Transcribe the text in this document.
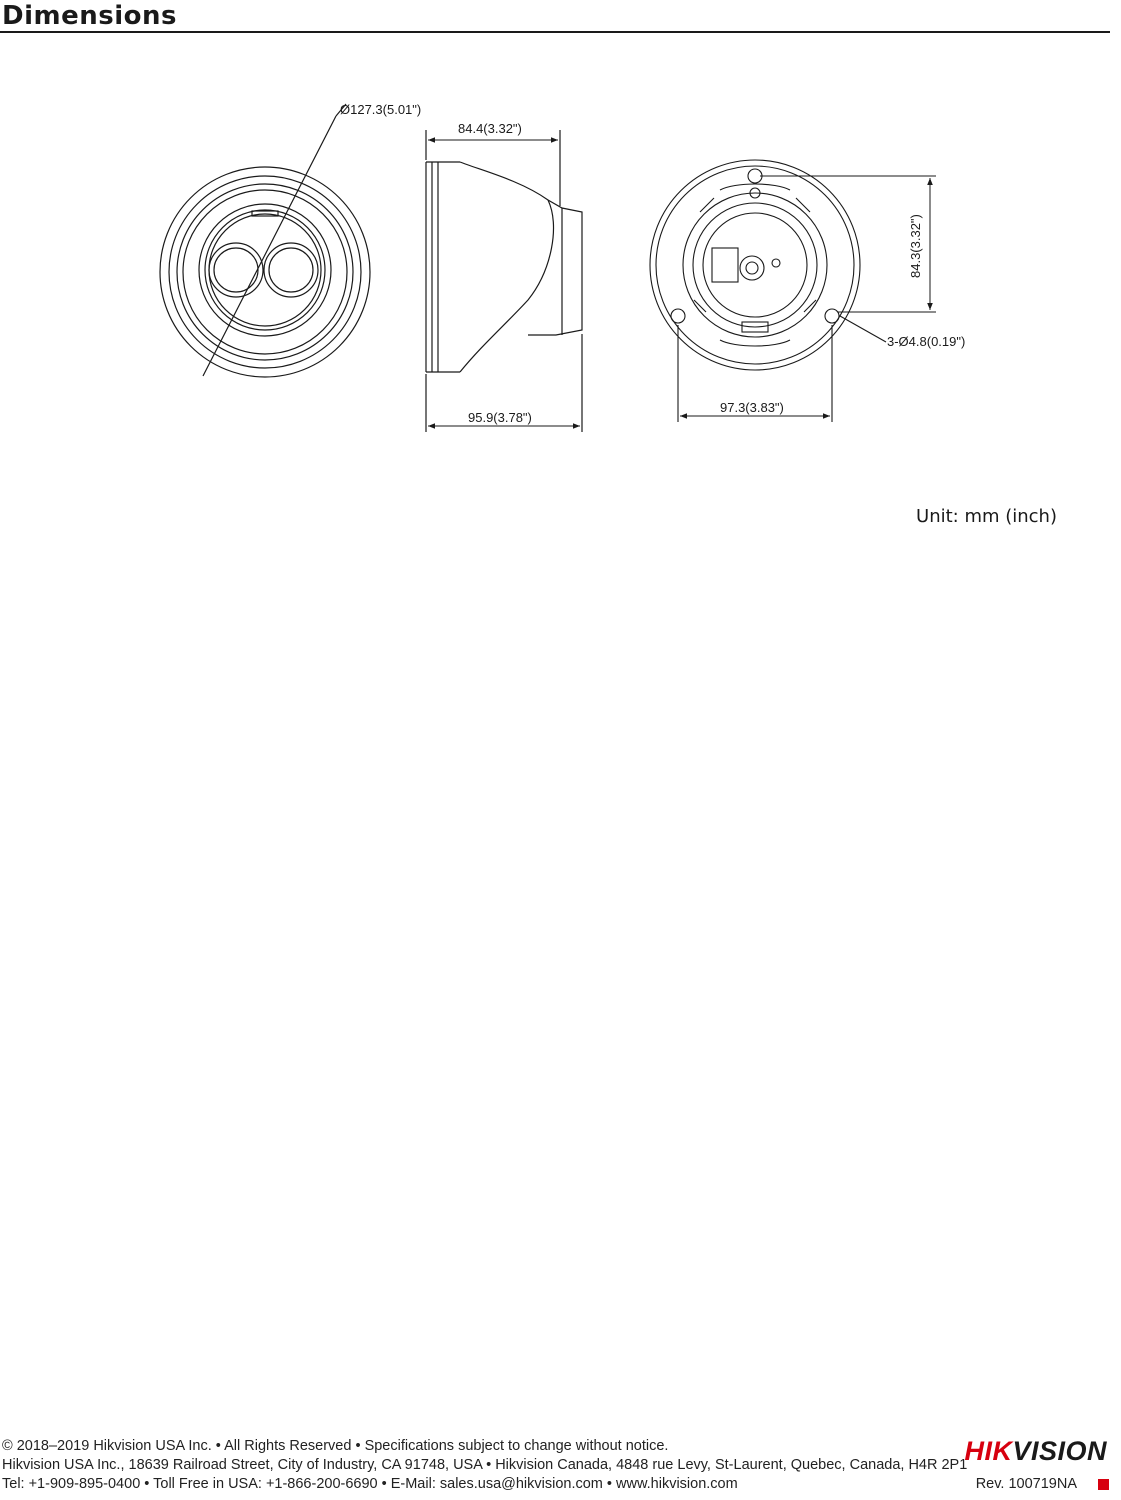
Dimensions
Ø127.3(5.01")
84.4(3.32")
95.9(3.78")
84.3(3.32")
97.3(3.83")
3-Ø4.8(0.19")
Unit: mm (inch)
© 2018–2019 Hikvision USA Inc. • All Rights Reserved • Specifications subject to change without notice.
Hikvision USA Inc., 18639 Railroad Street, City of Industry, CA 91748, USA • Hikvision Canada, 4848 rue Levy, St-Laurent, Quebec, Canada, H4R 2P1
Tel: +1-909-895-0400 • Toll Free in USA: +1-866-200-6690 • E-Mail: sales.usa@hikvision.com • www.hikvision.com
HIKVISION
Rev. 100719NA
